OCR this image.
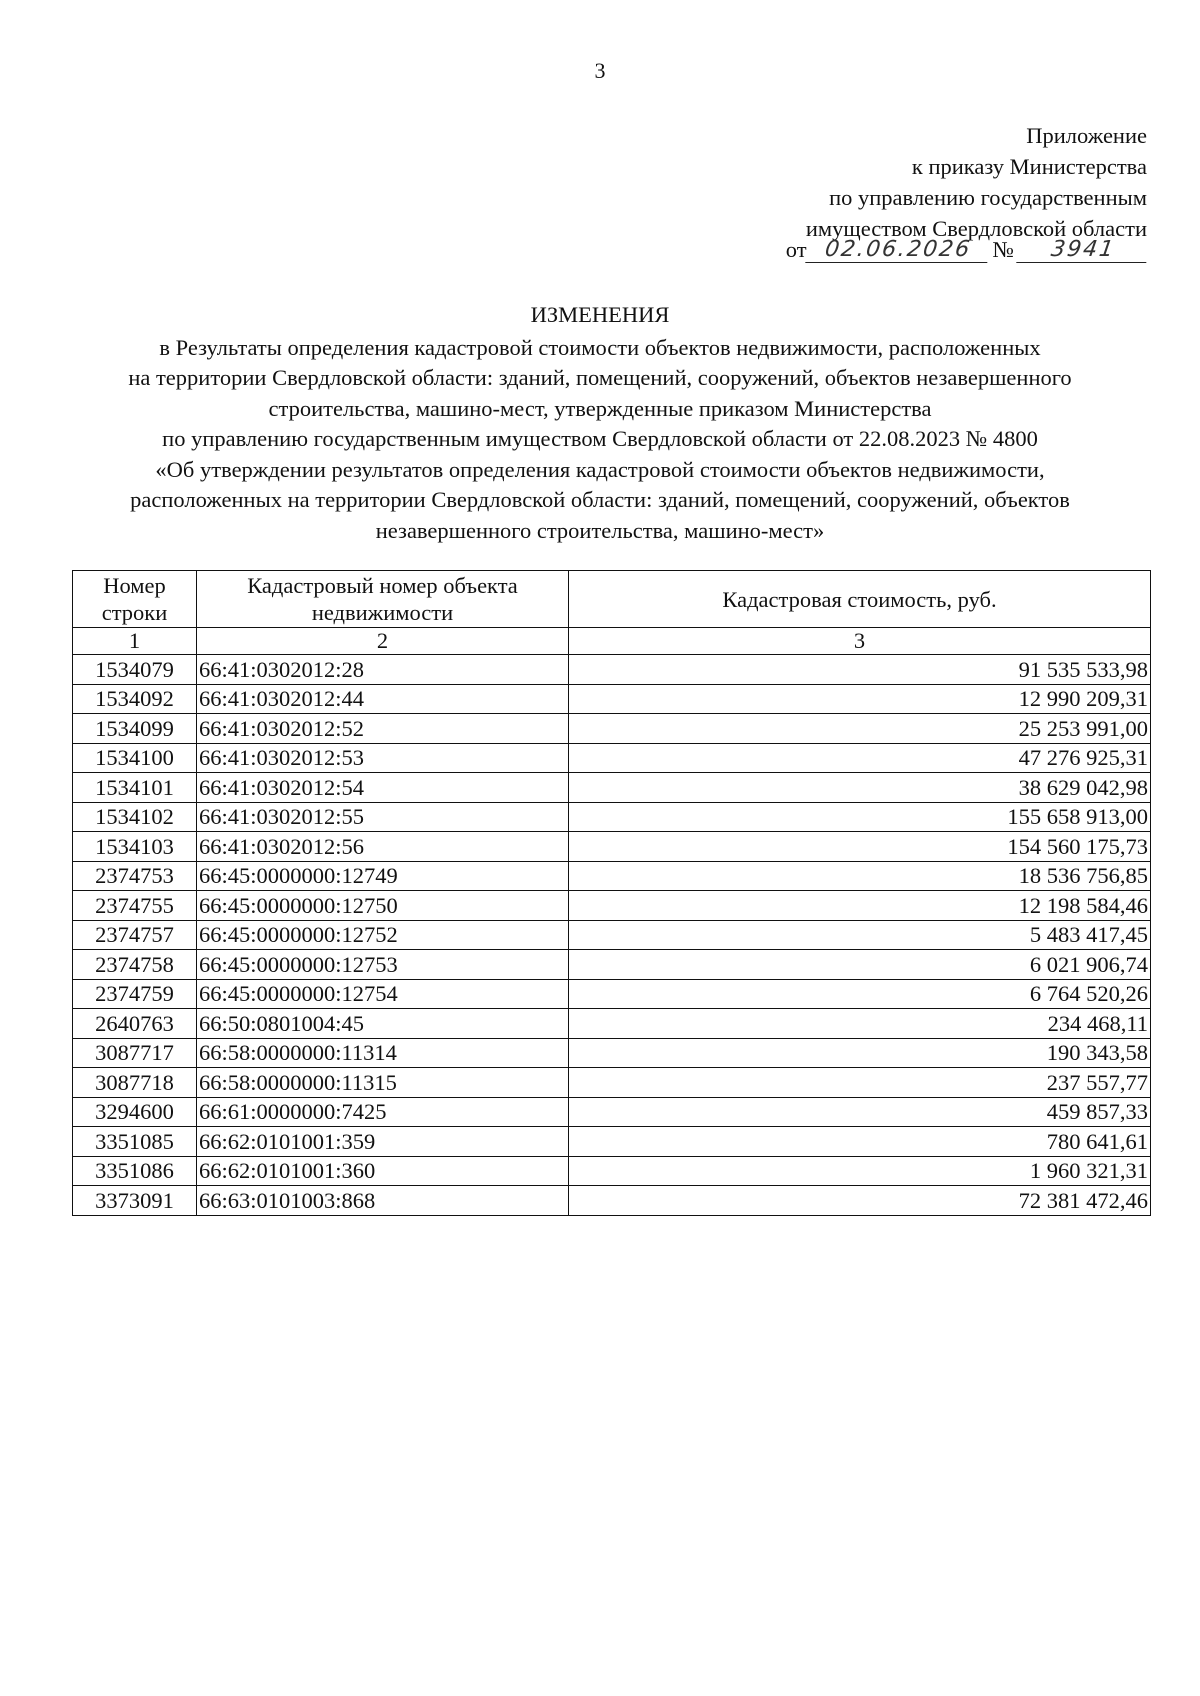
3
Приложение
к приказу Министерства
по управлению государственным
имуществом Свердловской области
от 02.06.2026 №	3941
ИЗМЕНЕНИЯ
в Результаты определения кадастровой стоимости объектов недвижимости, расположенных
на территории Свердловской области: зданий, помещений, сооружений, объектов незавершенного
строительства, машино-мест, утвержденные приказом Министерства
по управлению государственным имуществом Свердловской области от 22.08.2023 № 4800
«Об утверждении результатов определения кадастровой стоимости объектов недвижимости,
расположенных на территории Свердловской области: зданий, помещений, сооружений, объектов
незавершенного строительства, машино-мест»
Номер строки	Кадастровый номер объекта недвижимости	Кадастровая стоимость, руб.
1	2	3
1534079	66:41:0302012:28	91 535 533,98
1534092	66:41:0302012:44	12 990 209,31
1534099	66:41:0302012:52	25 253 991,00
1534100	66:41:0302012:53	47 276 925,31
1534101	66:41:0302012:54	38 629 042,98
1534102	66:41:0302012:55	155 658 913,00
1534103	66:41:0302012:56	154 560 175,73
2374753	66:45:0000000:12749	18 536 756,85
2374755	66:45:0000000:12750	12 198 584,46
2374757	66:45:0000000:12752	5 483 417,45
2374758	66:45:0000000:12753	6 021 906,74
2374759	66:45:0000000:12754	6 764 520,26
2640763	66:50:0801004:45	234 468,11
3087717	66:58:0000000:11314	190 343,58
3087718	66:58:0000000:11315	237 557,77
3294600	66:61:0000000:7425	459 857,33
3351085	66:62:0101001:359	780 641,61
3351086	66:62:0101001:360	1 960 321,31
3373091	66:63:0101003:868	72 381 472,46
